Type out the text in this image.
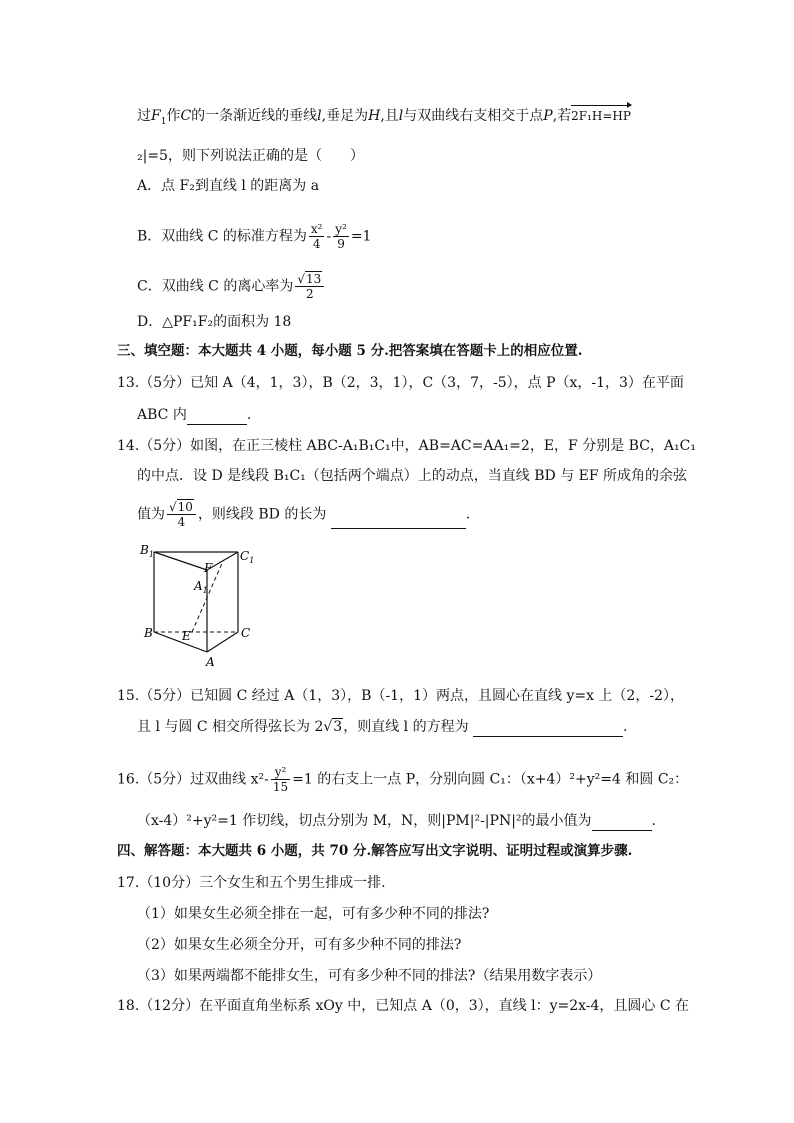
过$F_1$作C的一条渐近线的垂线l,垂足为H,且l与双曲线右支相交于点P,若2F₁H=HP
₂|=5，则下列说法正确的是（　　）
A．点 F₂到直线 l 的距离为 a
B．双曲线 C 的标准方程为 $\frac{\text{x²}}{4} - \frac{\text{y²}}{9} =1$
C．双曲线 C 的离心率为 $\frac{√13}{2}$
D．△PF₁F₂的面积为 18
三、填空题：本大题共 4 小题，每小题 5 分.把答案填在答题卡上的相应位置.
13.（5分）已知 A（4，1，3），B（2，3，1），C（3，7，-5），点 P（x，-1，3）在平面
ABC 内	.
14.（5分）如图，在正三棱柱 ABC-A₁B₁C₁中，AB=AC=AA₁=2，E，F 分别是 BC，A₁C₁
的中点．设 D 是线段 B₁C₁（包括两个端点）上的动点，当直线 BD 与 EF 所成角的余弦
值为 $\frac{√10}{4}$ ，则线段 BD 的长为	.
$B_1$	$C_1$
F
$A_1$
B E	C
A
15.（5分）已知圆 C 经过 A（1，3），B（-1，1）两点，且圆心在直线 y=x 上（2，-2），
且 l 与圆 C 相交所得弦长为 2√3，则直线 l 的方程为	.
16.（5分）过双曲线 $x^2- \frac{\text{y²}}{15} =1$ 的右支上一点 P，分别向圆 C₁：（x+4）²+y²=4 和圆 C₂：
（x-4）²+y²=1 作切线，切点分别为 M，N，则|PM|²-|PN|²的最小值为	.
四、解答题：本大题共 6 小题，共 70 分.解答应写出文字说明、证明过程或演算步骤.
17.（10分）三个女生和五个男生排成一排.
（1）如果女生必须全排在一起，可有多少种不同的排法?
（2）如果女生必须全分开，可有多少种不同的排法?
（3）如果两端都不能排女生，可有多少种不同的排法?（结果用数字表示）
18.（12分）在平面直角坐标系 xOy 中，已知点 A（0，3），直线 l：y=2x-4，且圆心 C 在
